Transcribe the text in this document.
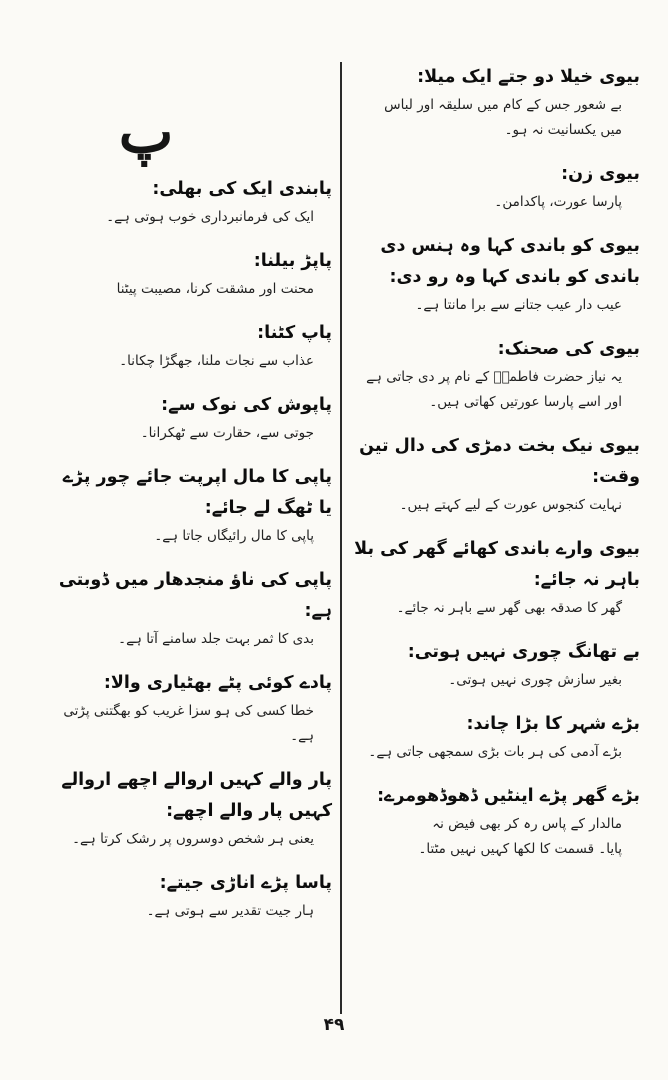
بیوی خیلا دو جتے ایک میلا:
بے شعور جس کے کام میں سلیقہ اور لباس
میں یکسانیت نہ ہو۔
بیوی زن:
پارسا عورت، پاکدامن۔
بیوی کو باندی کہا وہ ہنس دی باندی کو باندی کہا وہ رو دی:
عیب دار عیب جتانے سے برا مانتا ہے۔
بیوی کی صحنک:
یہ نیاز حضرت فاطمہؓ کے نام پر دی جاتی ہے
اور اسے پارسا عورتیں کھاتی ہیں۔
بیوی نیک بخت دمڑی کی دال تین وقت:
نہایت کنجوس عورت کے لیے کہتے ہیں۔
بیوی وارے باندی کھائے گھر کی بلا باہر نہ جائے:
گھر کا صدقہ بھی گھر سے باہر نہ جائے۔
بے تھانگ چوری نہیں ہوتی:
بغیر سازش چوری نہیں ہوتی۔
بڑے شہر کا بڑا چاند:
بڑے آدمی کی ہر بات بڑی سمجھی جاتی ہے۔
بڑے گھر پڑے اینٹیں ڈھوڈھومرے:
مالدار کے پاس رہ کر بھی فیض نہ
پایا۔ قسمت کا لکھا کہیں نہیں مٹتا۔
پ
پابندی ایک کی بھلی:
ایک کی فرمانبرداری خوب ہوتی ہے۔
پاپڑ بیلنا:
محنت اور مشقت کرنا، مصیبت پیٹنا
پاپ کٹنا:
عذاب سے نجات ملنا، جھگڑا چکانا۔
پاپوش کی نوک سے:
جوتی سے، حقارت سے ٹھکرانا۔
پاپی کا مال اپرپت جائے چور پڑے یا ٹھگ لے جائے:
پاپی کا مال رائیگاں جاتا ہے۔
پاپی کی ناؤ منجدھار میں ڈوبتی ہے:
بدی کا ثمر بہت جلد سامنے آتا ہے۔
پادے کوئی پٹے بھٹیاری والا:
خطا کسی کی ہو سزا غریب کو بھگتنی پڑتی ہے۔
پار والے کہیں اروالے اچھے اروالے کہیں پار والے اچھے:
یعنی ہر شخص دوسروں پر رشک کرتا ہے۔
پاسا پڑے اناڑی جیتے:
ہار جیت تقدیر سے ہوتی ہے۔
۴۹
